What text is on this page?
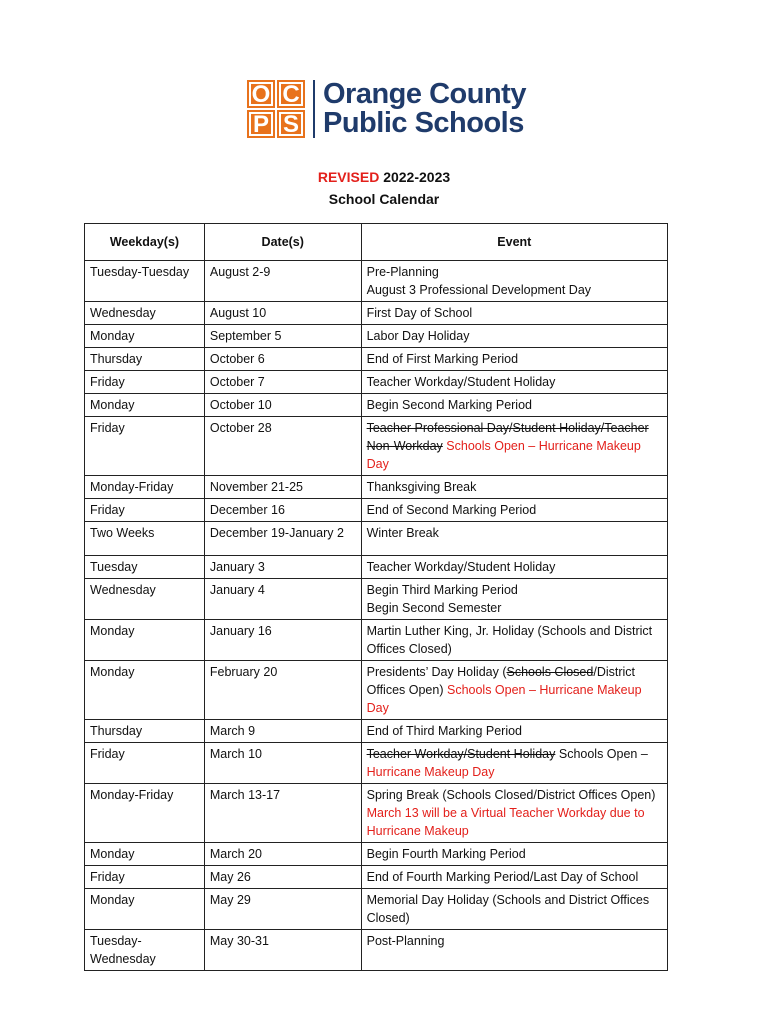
O C
P S
Orange County
Public Schools
REVISED 2022-2023
School Calendar
Weekday(s)	Date(s)	Event
Tuesday-Tuesday	August 2-9	Pre-Planning
August 3 Professional Development Day

Wednesday	August 10	First Day of School
Monday	September 5	Labor Day Holiday
Thursday	October 6	End of First Marking Period
Friday	October 7	Teacher Workday/Student Holiday
Monday	October 10	Begin Second Marking Period
Friday	October 28	Teacher Professional Day/Student Holiday/Teacher Non-Workday Schools Open – Hurricane Makeup Day
Monday-Friday	November 21-25	Thanksgiving Break
Friday	December 16	End of Second Marking Period
Two Weeks	December 19-January 2	Winter Break
Tuesday	January 3	Teacher Workday/Student Holiday
Wednesday	January 4	Begin Third Marking Period
Begin Second Semester

Monday	January 16	Martin Luther King, Jr. Holiday (Schools and District Offices Closed)
Monday	February 20	Presidents’ Day Holiday (Schools Closed/District Offices Open) Schools Open – Hurricane Makeup Day
Thursday	March 9	End of Third Marking Period
Friday	March 10	Teacher Workday/Student Holiday Schools Open – Hurricane Makeup Day
Monday-Friday	March 13-17	Spring Break (Schools Closed/District Offices Open) March 13 will be a Virtual Teacher Workday due to Hurricane Makeup
Monday	March 20	Begin Fourth Marking Period
Friday	May 26	End of Fourth Marking Period/Last Day of School
Monday	May 29	Memorial Day Holiday (Schools and District Offices Closed)
Tuesday-Wednesday	May 30-31	Post-Planning
